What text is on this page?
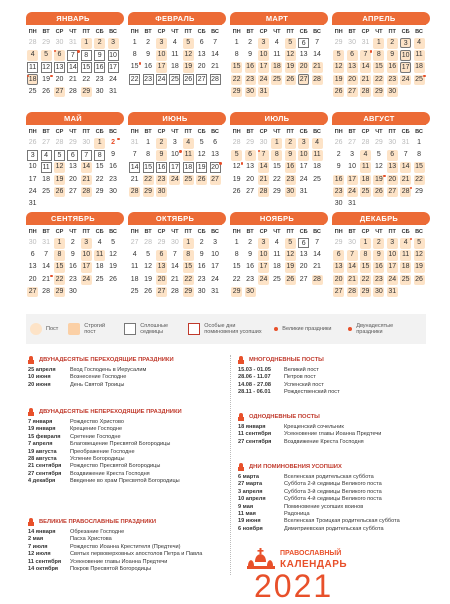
ЯНВАРЬ
ПН	ВТ	СР	ЧТ	ПТ	СБ ВС
28 29 30 31	1	2	3
4	5	6	7	8	9	10
11 12 13 14 15 16 17
18 19 20 21 22 23 24
25 26 27 28 29 30 31
ФЕВРАЛЬ
ПН	ВТ	СР	ЧТ	ПТ	СБ ВС
1	2	3	4	5	6	7
8	9	10 11 12 13 14
15 16 17 18 19 20 21
22 23 24 25 26 27 28
МАРТ
ПН	ВТ	СР	ЧТ	ПТ	СБ ВС
1	2	3	4	5	6	7
8	9	10 11 12 13 14
15 16 17 18 19 20 21
22 23 24 25 26 27 28
29 30 31
АПРЕЛЬ
ПН	ВТ	СР	ЧТ	ПТ	СБ ВС
29 30 31	1	2	3	4
5	6	7	8	9	10 11
12 13 14 15 16 17 18
19 20 21 22 23 24 25
26 27 28 29 30
МАЙ
ПН	ВТ	СР	ЧТ	ПТ	СБ ВС
26 27 28 29 30	1	2
3	4	5	6	7	8	9
10 11 12 13 14 15 16
17 18 19 20 21 22 23
24 25 26 27 28 29 30
31
ИЮНЬ
ПН	ВТ	СР	ЧТ	ПТ	СБ ВС
31	1	2	3	4	5	6
7	8	9	10 11 12 13
14 15 16 17 18 19 20
21 22 23 24 25 26 27
28 29 30
ИЮЛЬ
ПН	ВТ	СР	ЧТ	ПТ	СБ ВС
28 29 30	1	2	3	4
5	6	7	8	9	10 11
12 13 14 15 16 17 18
19 20 21 22 23 24 25
26 27 28 29 30 31
АВГУСТ
ПН	ВТ	СР	ЧТ	ПТ	СБ ВС
26 27 28 29 30 31	1
2	3	4	5	6	7	8
9	10 11 12 13 14 15
16 17 18 19 20 21 22
23 24 25 26 27 28 29
30 31
СЕНТЯБРЬ
ПН	ВТ	СР	ЧТ	ПТ	СБ ВС
30 31	1	2	3	4	5
6	7	8	9	10 11 12
13 14 15 16 17 18 19
20 21 22 23 24 25 26
27 28 29 30
ОКТЯБРЬ
ПН	ВТ	СР	ЧТ	ПТ	СБ ВС
27 28 29 30	1	2	3
4	5	6	7	8	9	10
11 12 13 14 15 16 17
18 19 20 21 22 23 24
25 26 27 28 29 30 31
НОЯБРЬ
ПН	ВТ	СР	ЧТ	ПТ	СБ ВС
1	2	3	4	5	6	7
8	9	10 11 12 13 14
15 16 17 18 19 20 21
22 23 24 25 26 27 28
29 30
ДЕКАБРЬ
ПН	ВТ	СР	ЧТ	ПТ	СБ ВС
29 30	1	2	3	4	5
6	7	8	9	10 11 12
13 14 15 16 17 18 19
20 21 22 23 24 25 26
27 28 29 30 31
Пост
Строгий пост
Сплошные седмицы
Особые дни поминовения усопших
Великие праздники
Двунадесятые праздники
ДВУНАДЕСЯТЫЕ ПЕРЕХОДЯЩИЕ ПРАЗДНИКИ
25 апреля	Вход Господень в Иерусалим
10 июня	Вознесение Господне
20 июня	День Святой Троицы
ДВУНАДЕСЯТЫЕ НЕПЕРЕХОДЯЩИЕ ПРАЗДНИКИ
7 января	Рождество Христово
19 января	Крещение Господне
15 февраля	Сретение Господне
7 апреля	Благовещение Пресвятой Богородицы
19 августа	Преображение Господне
28 августа	Успение Богородицы
21 сентября	Рождество Пресвятой Богородицы
27 сентября	Воздвижение Креста Господня
4 декабря	Введение во храм Пресвятой Богородицы
ВЕЛИКИЕ ПРАВОСЛАВНЫЕ ПРАЗДНИКИ
14 января	Обрезание Господне
2 мая	Пасха Христова
7 июля	Рождество Иоанна Крестителя (Предтечи)
12 июля	Святых первоверховных апостолов Петра и Павла
11 сентября	Усекновение главы Иоанна Предтечи
14 октября	Покров Пресвятой Богородицы
МНОГОДНЕВНЫЕ ПОСТЫ
15.03 - 01.05	Великий пост
28.06 - 11.07	Петров пост
14.08 - 27.08	Успенский пост
28.11 - 06.01	Рождественский пост
ОДНОДНЕВНЫЕ ПОСТЫ
18 января	Крещенский сочельник
11 сентября	Усекновение главы Иоанна Предтечи
27 сентября	Воздвижение Креста Господня
ДНИ ПОМИНОВЕНИЯ УСОПШИХ
6 марта	Вселенская родительская суббота
27 марта	Суббота 2-й седмицы Великого поста
3 апреля	Суббота 3-й седмицы Великого поста
10 апреля	Суббота 4-й седмицы Великого поста
9 мая	Поминовение усопших воинов
11 мая	Радоница
19 июня	Вселенская Троицкая родительская суббота
6 ноября	Димитриевская родительская суббота
ПРАВОСЛАВНЫЙ
КАЛЕНДАРЬ
2021
